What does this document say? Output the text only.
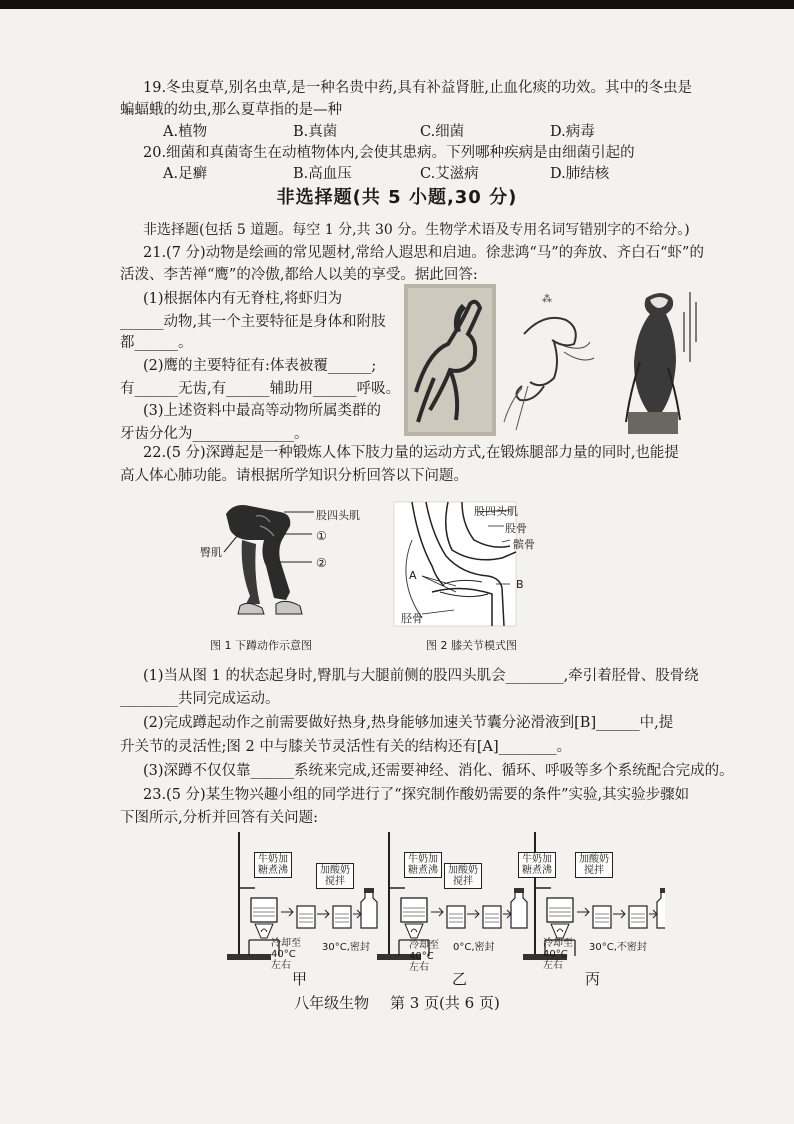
19.冬虫夏草,别名虫草,是一种名贵中药,具有补益肾脏,止血化痰的功效。其中的冬虫是
蝙蝠蛾的幼虫,那么夏草指的是—种
A.植物	B.真菌	C.细菌	D.病毒
20.细菌和真菌寄生在动植物体内,会使其患病。下列哪种疾病是由细菌引起的
A.足癣	B.高血压	C.艾滋病	D.肺结核
非选择题(共 5 小题,30 分)
非选择题(包括 5 道题。每空 1 分,共 30 分。生物学术语及专用名词写错别字的不给分。)
21.(7 分)动物是绘画的常见题材,常给人遐思和启迪。徐悲鸿“马”的奔放、齐白石“虾”的
活泼、李苦禅“鹰”的冷傲,都给人以美的享受。据此回答:
(1)根据体内有无脊柱,将虾归为
______动物,其一个主要特征是身体和附肢
都______。
(2)鹰的主要特征有:体表被覆______;
有______无齿,有______辅助用______呼吸。
(3)上述资料中最高等动物所属类群的
牙齿分化为______________。
⁂
22.(5 分)深蹲起是一种锻炼人体下肢力量的运动方式,在锻炼腿部力量的同时,也能提
高人体心肺功能。请根据所学知识分析回答以下问题。
股四头肌
①
②
臀肌
图 1 下蹲动作示意图
股四头肌
股骨
髌骨
A
B
胫骨
图 2 膝关节模式图
(1)当从图 1 的状态起身时,臀肌与大腿前侧的股四头肌会________,牵引着胫骨、股骨绕
________共同完成运动。
(2)完成蹲起动作之前需要做好热身,热身能够加速关节囊分泌滑液到[B]______中,提
升关节的灵活性;图 2 中与膝关节灵活性有关的结构还有[A]________。
(3)深蹲不仅仅靠______系统来完成,还需要神经、消化、循环、呼吸等多个系统配合完成的。
23.(5 分)某生物兴趣小组的同学进行了“探究制作酸奶需要的条件”实验,其实验步骤如
下图所示,分析并回答有关问题:
牛奶加糖煮沸	加酸奶搅拌
冷却至40°C左右
30°C,密封
甲
牛奶加糖煮沸	加酸奶搅拌
冷却至40°C左右
0°C,密封
乙
牛奶加糖煮沸
加酸奶搅拌
冷却至40°C左右
30°C,不密封
丙
八年级生物 第 3 页(共 6 页)
